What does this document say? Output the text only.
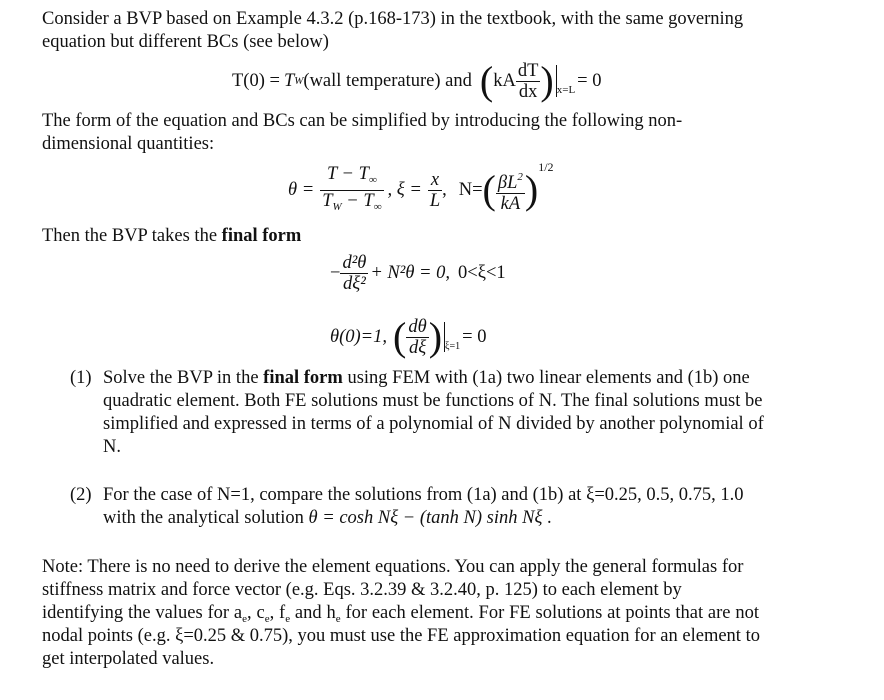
Consider a BVP based on Example 4.3.2 (p.168-173) in the textbook, with the same governing
equation but different BCs (see below)
T(0) = T W (wall temperature) and ( kA $\frac{dT}{dx}$ ) x=L = 0
The form of the equation and BCs can be simplified by introducing the following non-
dimensional quantities:
$\theta = \frac{T - T_\infty}{T_W - T_\infty}$ , $\xi = \frac{x}{L}$ , N= ( $\frac{\beta L^2}{kA}$ ) 1/2
Then the BVP takes the final form
− $\frac{\text{d²θ}}{\text{dξ²}} + N^2\theta = 0$, 0<ξ<1
θ(0)=1, ( $\frac{d\theta}{d\xi}$ ) ξ=1 = 0
(1) Solve the BVP in the final form using FEM with (1a) two linear elements and (1b) one
quadratic element. Both FE solutions must be functions of N. The final solutions must be
simplified and expressed in terms of a polynomial of N divided by another polynomial of
N.
(2) For the case of N=1, compare the solutions from (1a) and (1b) at ξ=0.25, 0.5, 0.75, 1.0
with the analytical solution θ = cosh Nξ − (tanh N) sinh Nξ .
Note: There is no need to derive the element equations. You can apply the general formulas for
stiffness matrix and force vector (e.g. Eqs. 3.2.39 & 3.2.40, p. 125) to each element by
identifying the values for $a_e$, $c_e$, $f_e$ and $h_e$ for each element. For FE solutions at points that are not
nodal points (e.g. ξ=0.25 & 0.75), you must use the FE approximation equation for an element to
get interpolated values.
